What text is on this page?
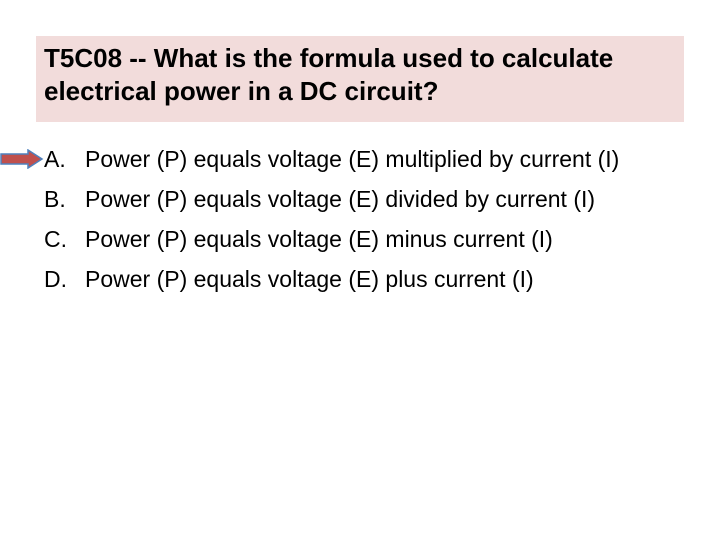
T5C08 -- What is the formula used to calculate electrical power in a DC circuit?

A. Power (P) equals voltage (E) multiplied by current (I)
B. Power (P) equals voltage (E) divided by current (I)
C. Power (P) equals voltage (E) minus current (I)
D. Power (P) equals voltage (E) plus current (I)
